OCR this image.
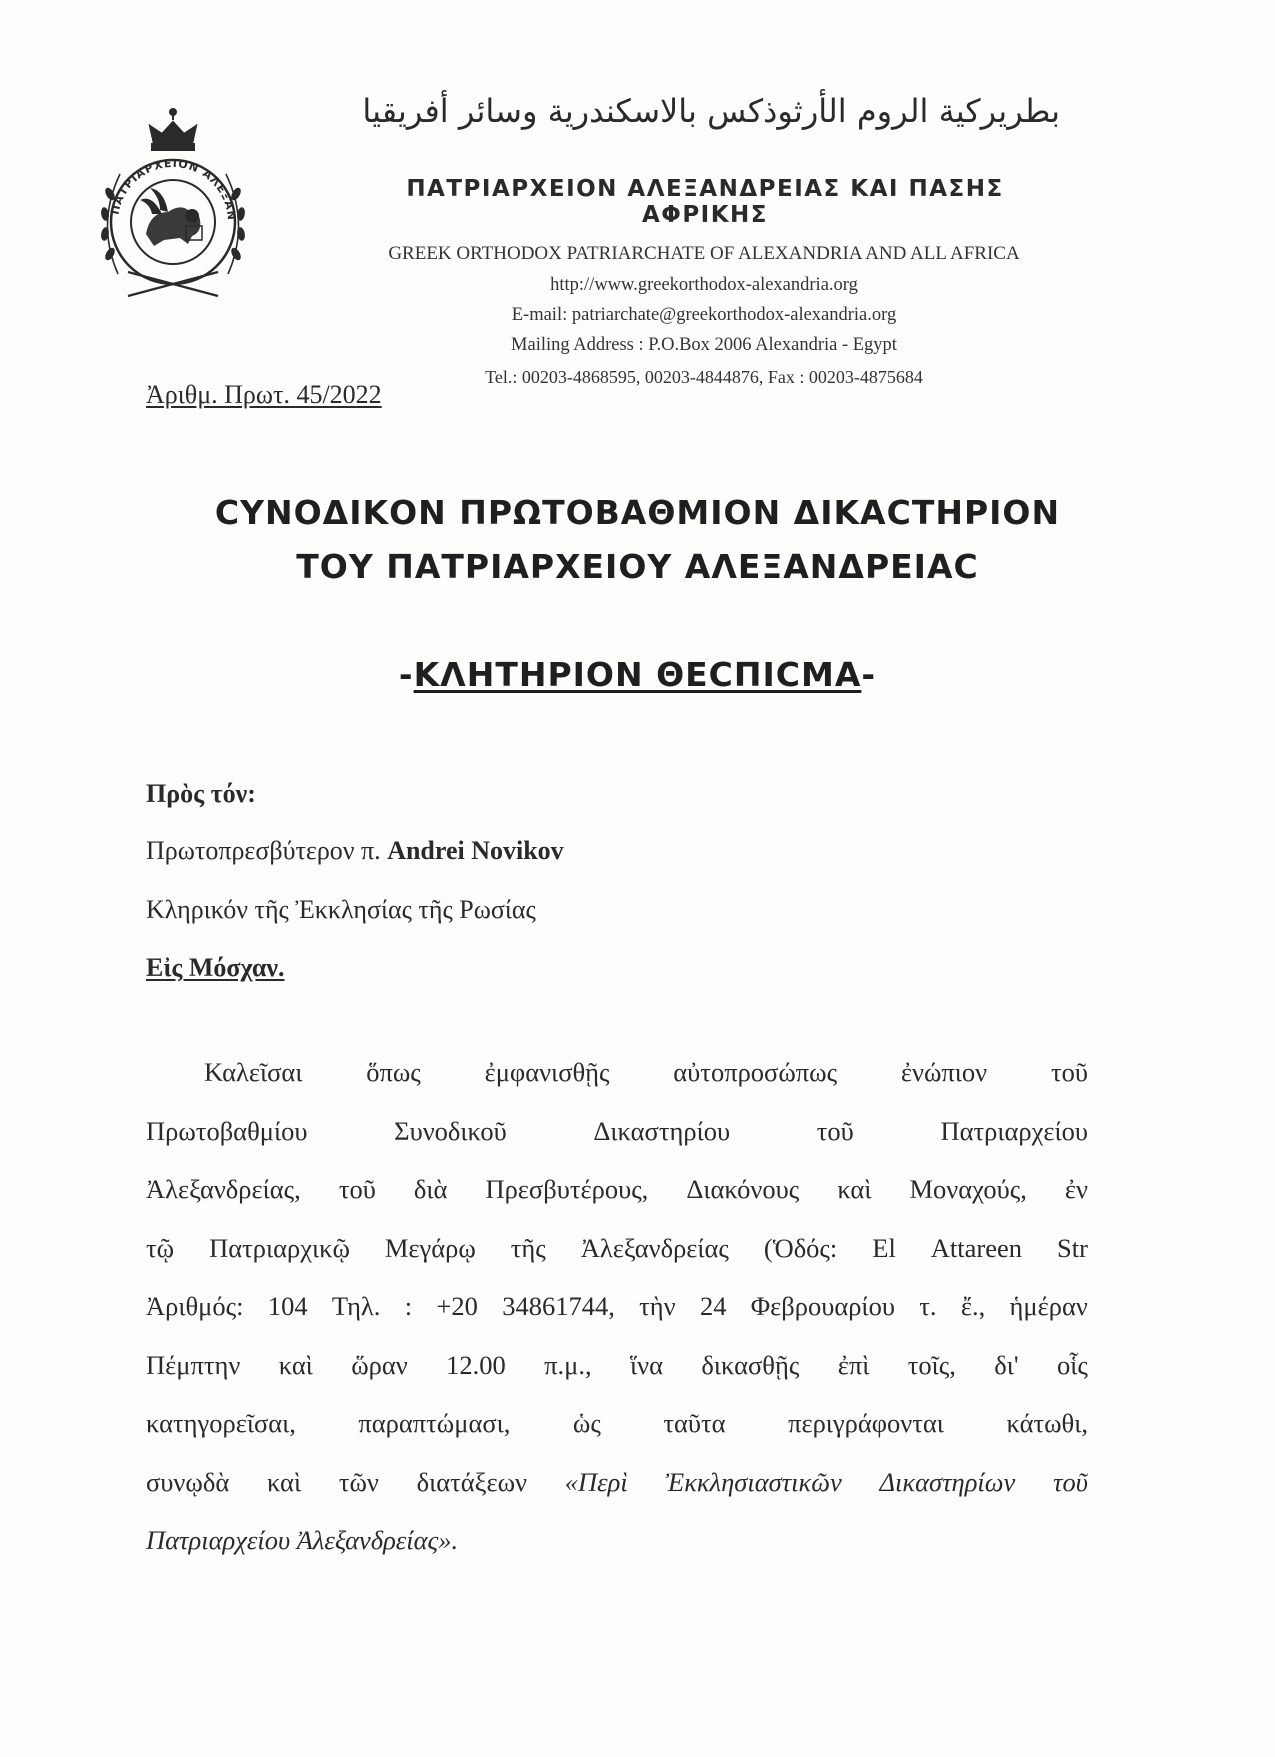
ΠΑΤΡΙΑΡΧΕΙΟΝ ΑΛΕΞΑΝ
بطريركية الروم الأرثوذكس بالاسكندرية وسائر أفريقيا
ΠΑΤΡΙΑΡΧΕΙΟΝ ΑΛΕΞΑΝΔΡΕΙΑΣ ΚΑΙ ΠΑΣΗΣ ΑΦΡΙΚΗΣ
GREEK ORTHODOX PATRIARCHATE OF ALEXANDRIA AND ALL AFRICA
http://www.greekorthodox-alexandria.org
E-mail: patriarchate@greekorthodox-alexandria.org
Mailing Address : P.O.Box 2006 Alexandria - Egypt
Tel.: 00203-4868595, 00203-4844876, Fax : 00203-4875684
Ἀριθμ. Πρωτ. 45/2022
CΥΝΟΔΙΚΟΝ ΠΡΩΤΟΒΑΘΜΙΟΝ ΔΙΚΑCΤΗΡΙΟΝ
ΤΟΥ ΠΑΤΡΙΑΡΧΕΙΟΥ ΑΛΕΞΑΝΔΡΕΙΑC
-ΚΛΗΤΗΡΙΟΝ ΘΕCΠΙCΜΑ-
Πρὸς τόν:
Πρωτοπρεσβύτερον π. Andrei Novikov
Κληρικόν τῆς Ἐκκλησίας τῆς Ρωσίας
Εἰς Μόσχαν.
Καλεῖσαι ὅπως ἐμφανισθῇς αὐτοπροσώπως ἐνώπιον τοῦ
Πρωτοβαθμίου	Συνοδικοῦ	Δικαστηρίου	τοῦ	Πατριαρχείου
Ἀλεξανδρείας, τοῦ διὰ Πρεσβυτέρους, Διακόνους καὶ Μοναχούς, ἐν
τῷ Πατριαρχικῷ Μεγάρῳ τῆς Ἀλεξανδρείας (Ὁδός: El Attareen Str
Ἀριθμός: 104 Τηλ. : +20 34861744, τὴν 24 Φεβρουαρίου τ. ἔ., ἡμέραν
Πέμπτην καὶ ὥραν 12.00 π.μ., ἵνα δικασθῇς ἐπὶ τοῖς, δι' οἷς
κατηγορεῖσαι, παραπτώμασι, ὡς ταῦτα περιγράφονται κάτωθι,
συνῳδὰ καὶ τῶν διατάξεων «Περὶ Ἐκκλησιαστικῶν Δικαστηρίων τοῦ
Πατριαρχείου
Ἀλεξανδρείας».
